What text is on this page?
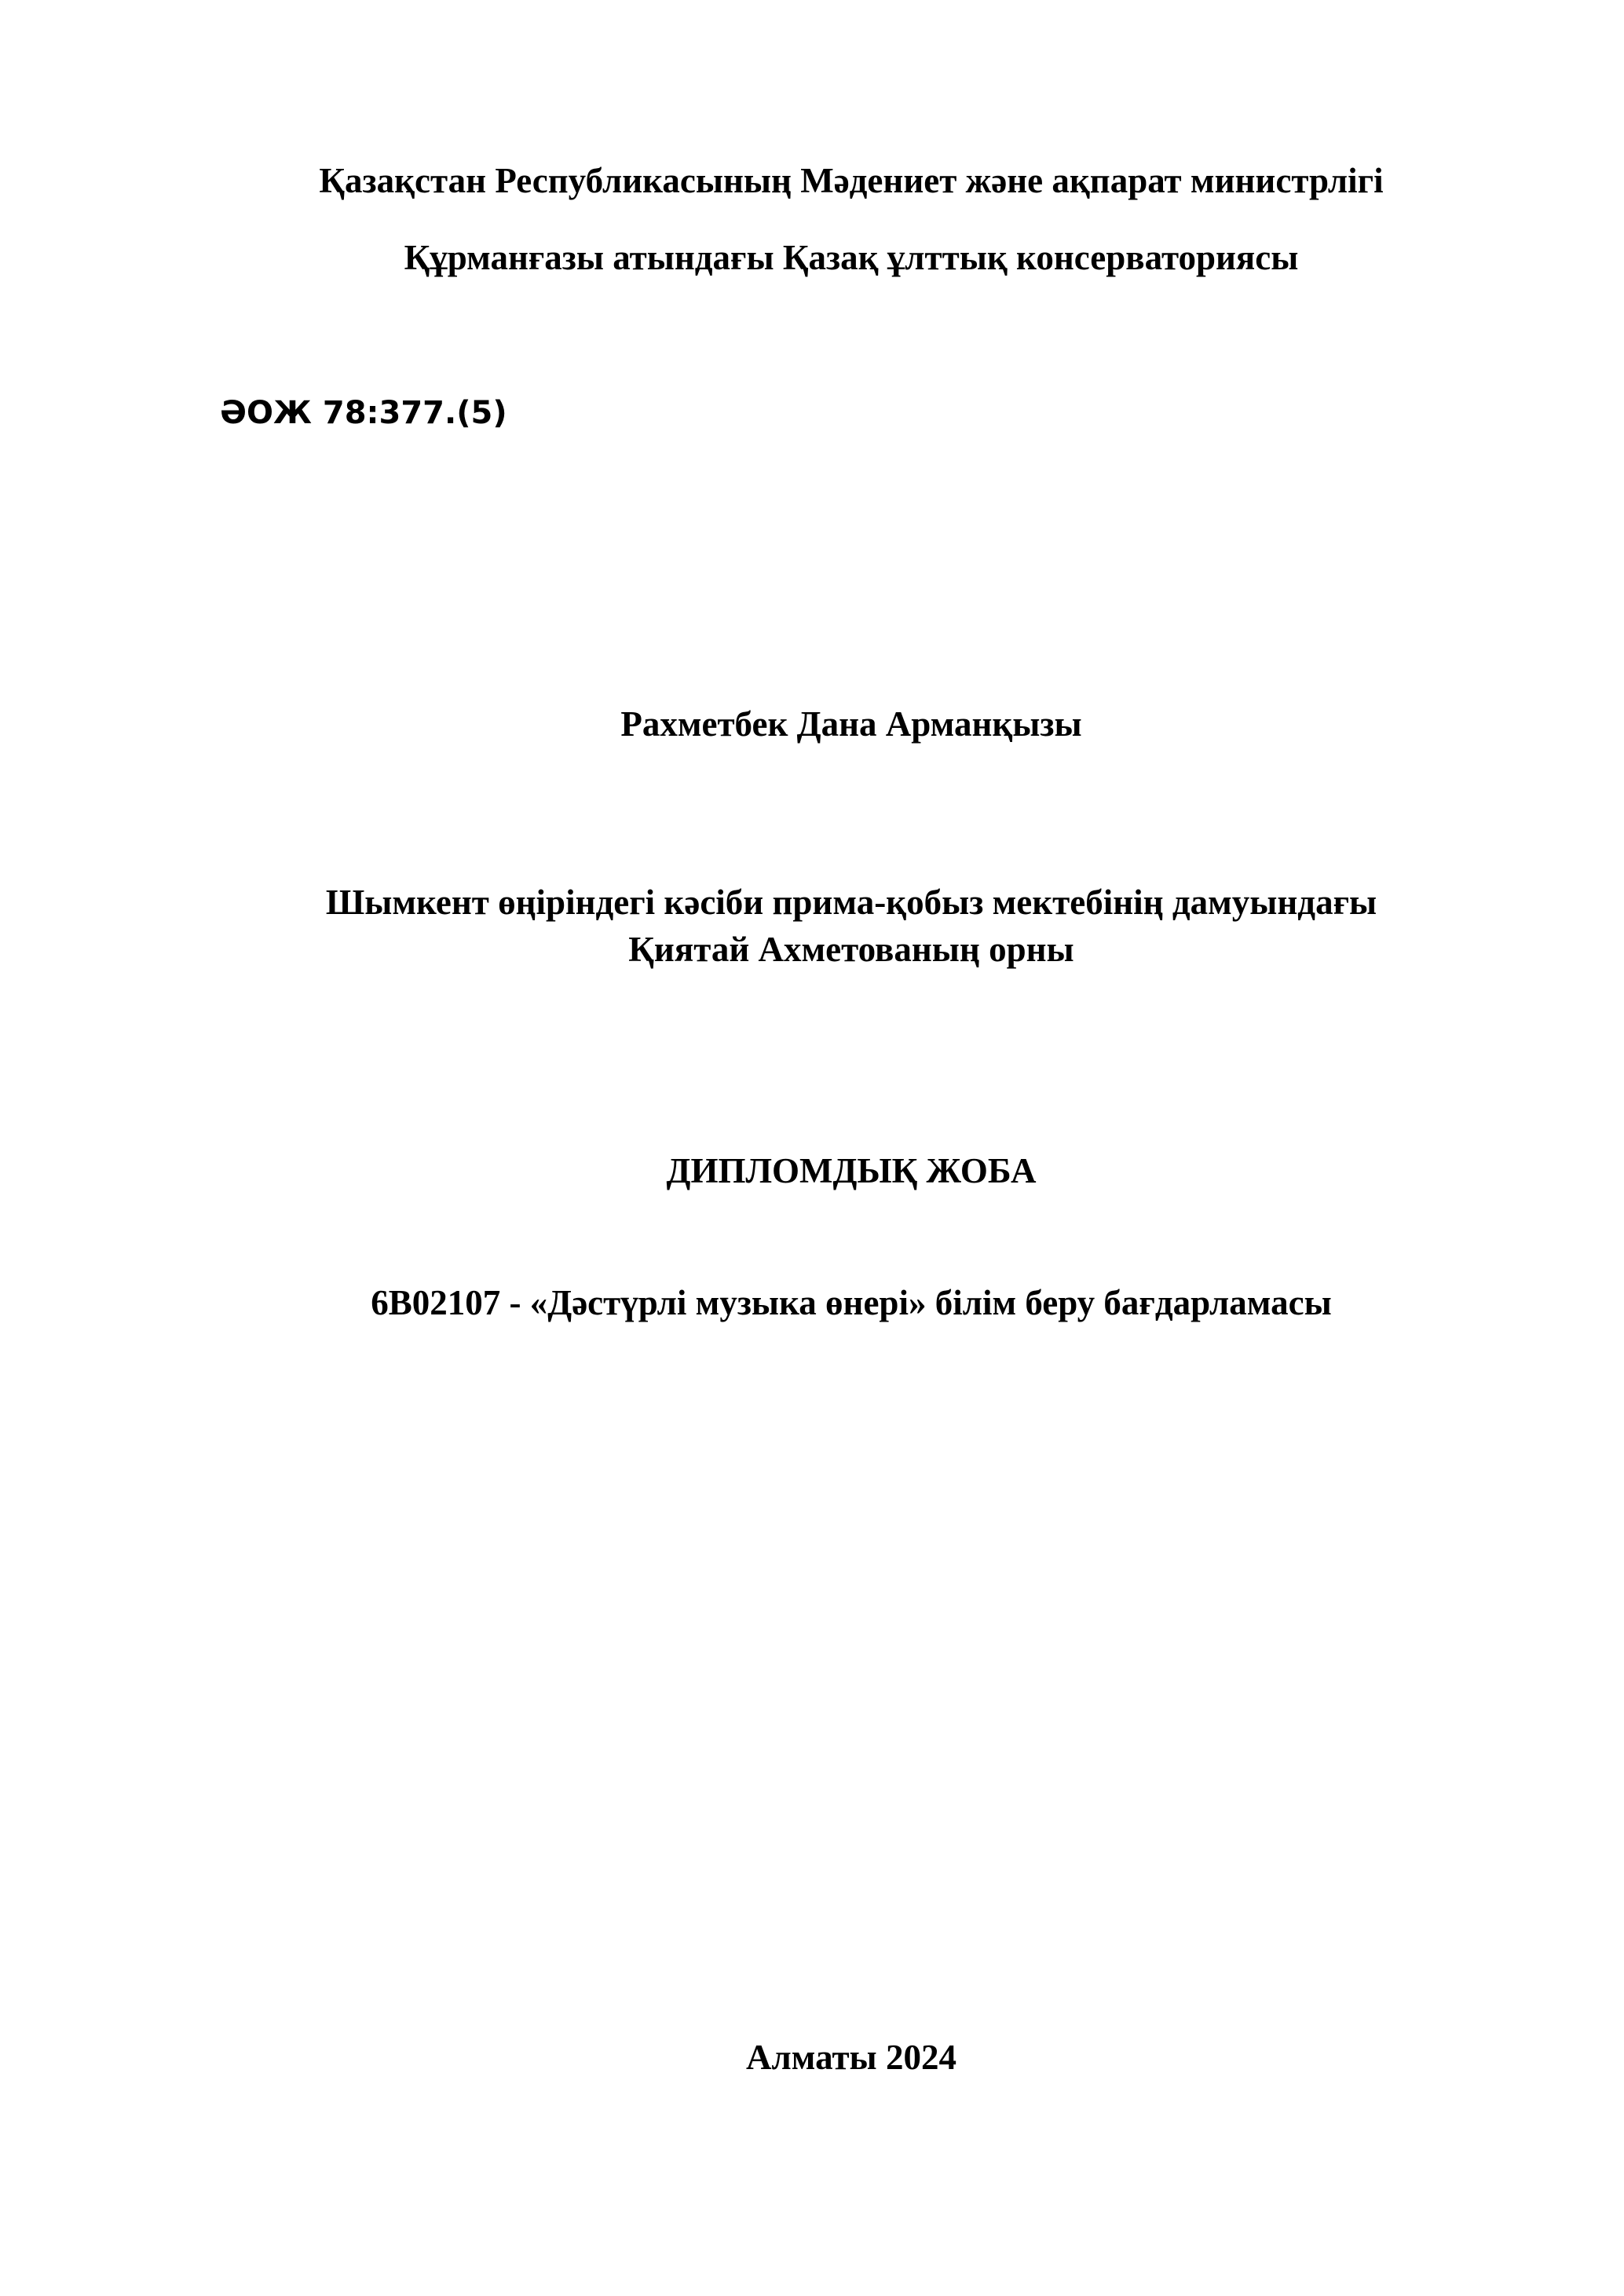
Қазақстан Республикасының Мәдениет және ақпарат министрлігі

Құрманғазы атындағы Қазақ ұлттық консерваториясы

ӘОЖ 78:377.(5)

Рахметбек Дана Арманқызы

Шымкент өңіріндегі кәсіби прима-қобыз мектебінің дамуындағы

Қиятай Ахметованың орны

ДИПЛОМДЫҚ ЖОБА

6В02107 - «Дәстүрлі музыка өнері» білім беру бағдарламасы

Алматы 2024
